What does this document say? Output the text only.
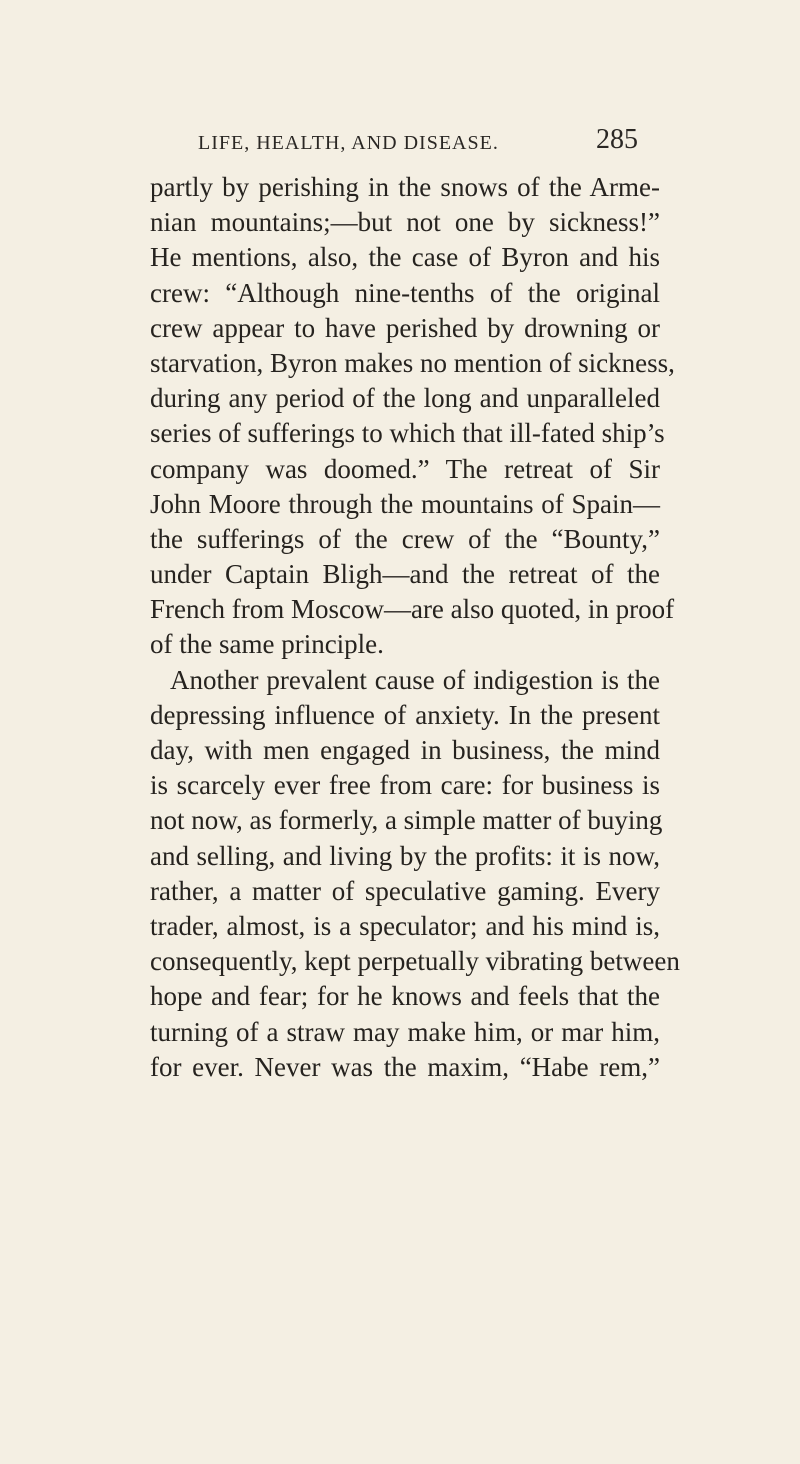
LIFE, HEALTH, AND DISEASE.	285
partly by perishing in the snows of the Arme-
nian mountains;—but not one by sickness!”
He mentions, also, the case of Byron and his
crew: “Although nine-tenths of the original
crew appear to have perished by drowning or
starvation, Byron makes no mention of sickness,
during any period of the long and unparalleled
series of sufferings to which that ill-fated ship’s
company was doomed.” The retreat of Sir
John Moore through the mountains of Spain—
the sufferings of the crew of the “Bounty,”
under Captain Bligh—and the retreat of the
French from Moscow—are also quoted, in proof
of the same principle.
Another prevalent cause of indigestion is the
depressing influence of anxiety. In the present
day, with men engaged in business, the mind
is scarcely ever free from care: for business is
not now, as formerly, a simple matter of buying
and selling, and living by the profits: it is now,
rather, a matter of speculative gaming. Every
trader, almost, is a speculator; and his mind is,
consequently, kept perpetually vibrating between
hope and fear; for he knows and feels that the
turning of a straw may make him, or mar him,
for ever. Never was the maxim, “Habe rem,”
